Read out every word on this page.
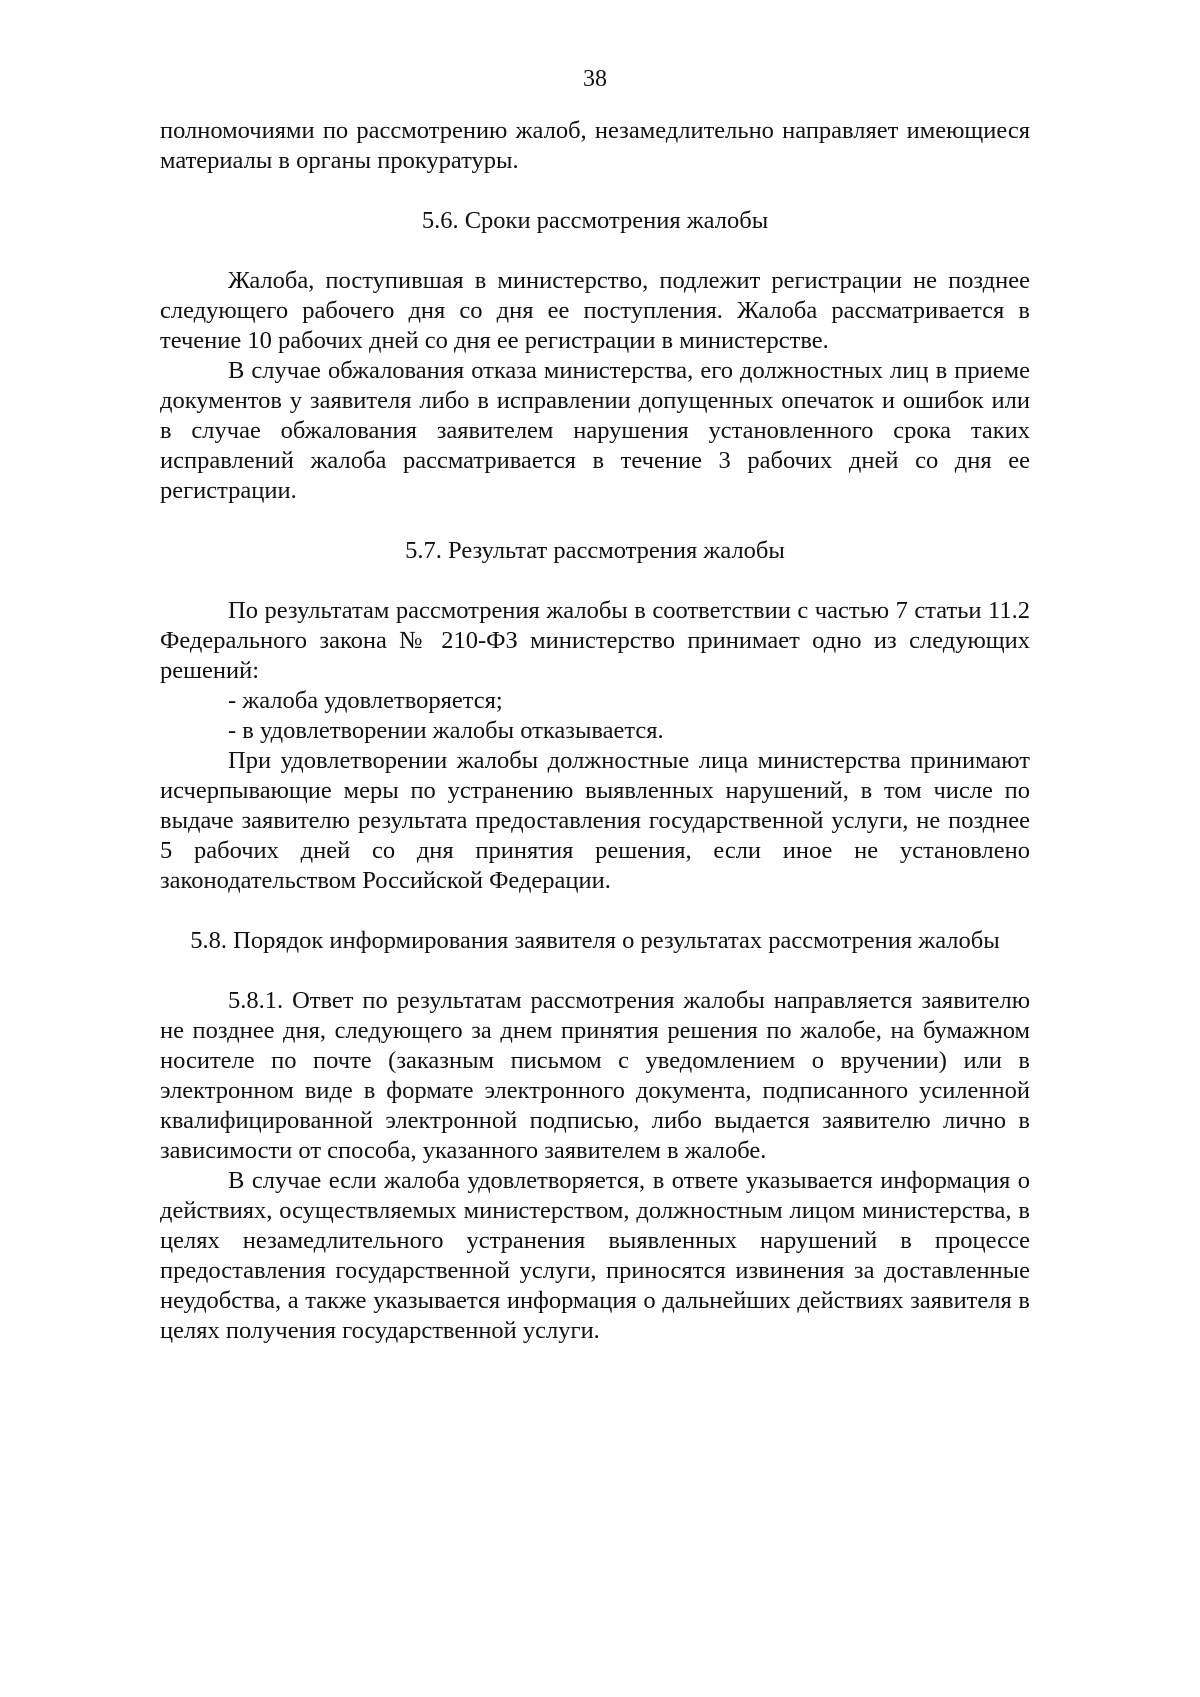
38

полномочиями по рассмотрению жалоб, незамедлительно направляет имеющиеся материалы в органы прокуратуры.

5.6. Сроки рассмотрения жалобы

Жалоба, поступившая в министерство, подлежит регистрации не позднее следующего рабочего дня со дня ее поступления. Жалоба рассматривается в течение 10 рабочих дней со дня ее регистрации в министерстве.

В случае обжалования отказа министерства, его должностных лиц в приеме документов у заявителя либо в исправлении допущенных опечаток и ошибок или в случае обжалования заявителем нарушения установленного срока таких исправлений жалоба рассматривается в течение 3 рабочих дней со дня ее регистрации.

5.7. Результат рассмотрения жалобы

По результатам рассмотрения жалобы в соответствии с частью 7 статьи 11.2 Федерального закона № 210-ФЗ министерство принимает одно из следующих решений:

- жалоба удовлетворяется;

- в удовлетворении жалобы отказывается.

При удовлетворении жалобы должностные лица министерства принимают исчерпывающие меры по устранению выявленных нарушений, в том числе по выдаче заявителю результата предоставления государственной услуги, не позднее 5 рабочих дней со дня принятия решения, если иное не установлено законодательством Российской Федерации.

5.8. Порядок информирования заявителя о результатах рассмотрения жалобы

5.8.1. Ответ по результатам рассмотрения жалобы направляется заявителю не позднее дня, следующего за днем принятия решения по жалобе, на бумажном носителе по почте (заказным письмом с уведомлением о вручении) или в электронном виде в формате электронного документа, подписанного усиленной квалифицированной электронной подписью, либо выдается заявителю лично в зависимости от способа, указанного заявителем в жалобе.

В случае если жалоба удовлетворяется, в ответе указывается информация о действиях, осуществляемых министерством, должностным лицом министерства, в целях незамедлительного устранения выявленных нарушений в процессе предоставления государственной услуги, приносятся извинения за доставленные неудобства, а также указывается информация о дальнейших действиях заявителя в целях получения государственной услуги.
